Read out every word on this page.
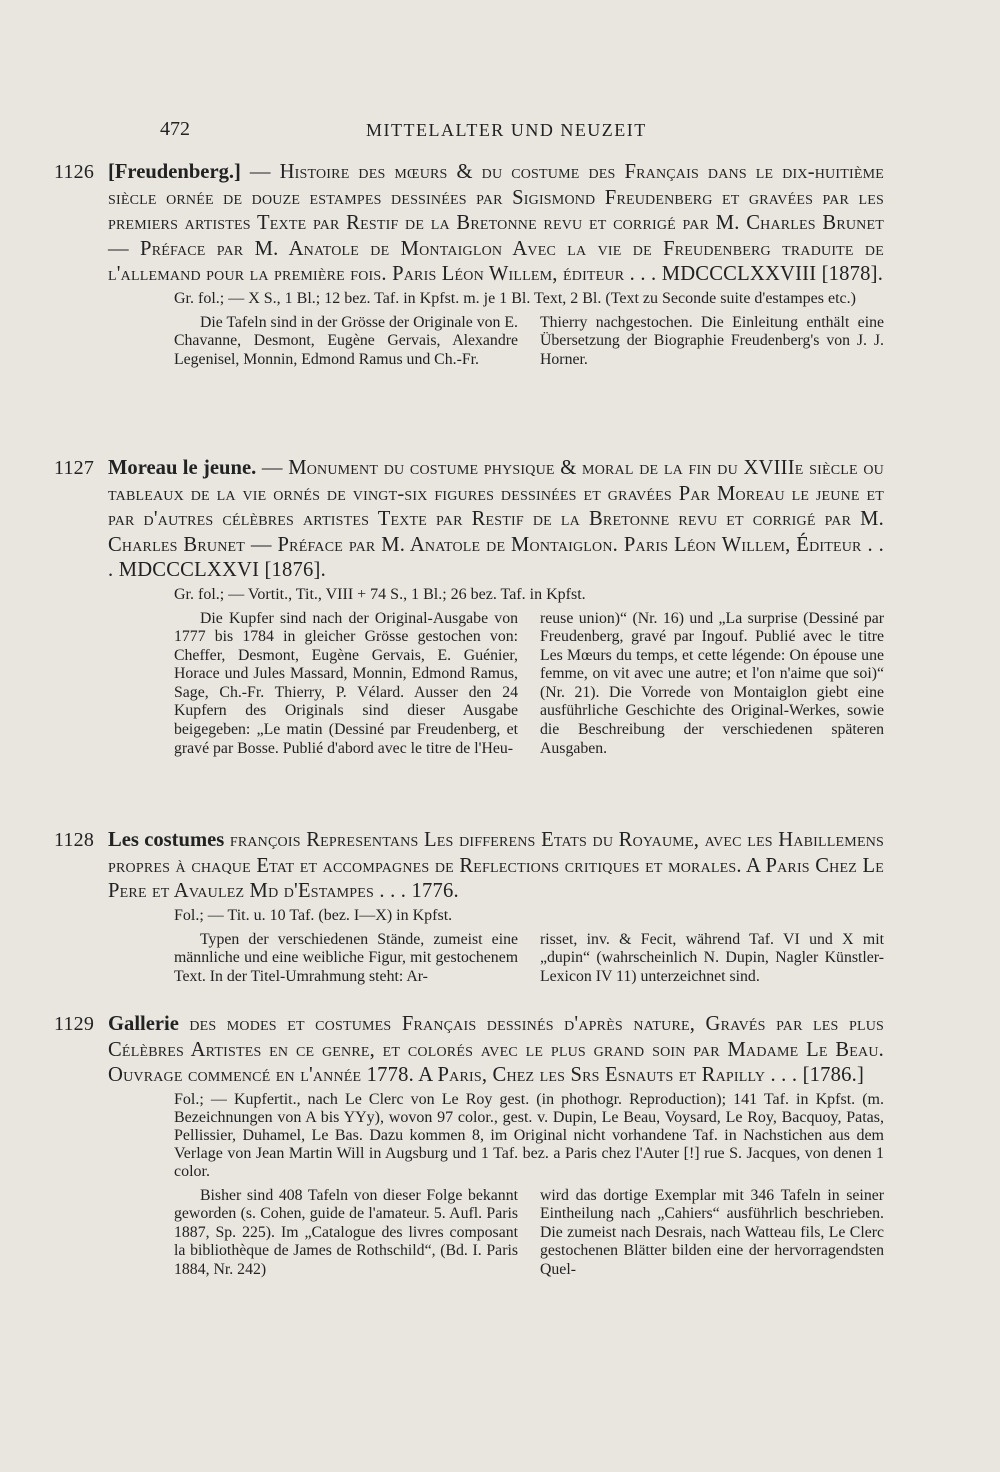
472	MITTELALTER UND NEUZEIT

1126 [Freudenberg.] — Histoire des mœurs & du costume des Français dans le dix-huitième siècle ornée de douze estampes dessinées par Sigismond Freudenberg et gravées par les premiers artistes Texte par Restif de la Bretonne revu et corrigé par M. Charles Brunet — Préface par M. Anatole de Montaiglon Avec la vie de Freudenberg traduite de l'allemand pour la première fois. Paris Léon Willem, éditeur . . . MDCCCLXXVIII [1878].

Gr. fol.; — X S., 1 Bl.; 12 bez. Taf. in Kpfst. m. je 1 Bl. Text, 2 Bl. (Text zu Seconde suite d'estampes etc.)

Die Tafeln sind in der Grösse der Originale von E. Chavanne, Desmont, Eugène Gervais, Alexandre Legenisel, Monnin, Edmond Ramus und Ch.-Fr.

Thierry nachgestochen. Die Einleitung enthält eine Übersetzung der Biographie Freudenberg's von J. J. Horner.

1127 Moreau le jeune. — Monument du costume physique & moral de la fin du XVIIIe siècle ou tableaux de la vie ornés de vingt-six figures dessinées et gravées Par Moreau le jeune et par d'autres célèbres artistes Texte par Restif de la Bretonne revu et corrigé par M. Charles Brunet — Préface par M. Anatole de Montaiglon. Paris Léon Willem, Éditeur . . . MDCCCLXXVI [1876].

Gr. fol.; — Vortit., Tit., VIII + 74 S., 1 Bl.; 26 bez. Taf. in Kpfst.

Die Kupfer sind nach der Original-Ausgabe von 1777 bis 1784 in gleicher Grösse gestochen von: Cheffer, Desmont, Eugène Gervais, E. Guénier, Horace und Jules Massard, Monnin, Edmond Ramus, Sage, Ch.-Fr. Thierry, P. Vélard. Ausser den 24 Kupfern des Originals sind dieser Ausgabe beigegeben: „Le matin (Dessiné par Freudenberg, et gravé par Bosse. Publié d'abord avec le titre de l'Heu-

reuse union)“ (Nr. 16) und „La surprise (Dessiné par Freudenberg, gravé par Ingouf. Publié avec le titre Les Mœurs du temps, et cette légende: On épouse une femme, on vit avec une autre; et l'on n'aime que soi)“ (Nr. 21). Die Vorrede von Montaiglon giebt eine ausführliche Geschichte des Original-Werkes, sowie die Beschreibung der verschiedenen späteren Ausgaben.

1128 Les costumes françois Representans Les differens Etats du Royaume, avec les Habillemens propres à chaque Etat et accompagnes de Reflections critiques et morales. A Paris Chez Le Pere et Avaulez Md d'Estampes . . . 1776.

Fol.; — Tit. u. 10 Taf. (bez. I—X) in Kpfst.

Typen der verschiedenen Stände, zumeist eine männliche und eine weibliche Figur, mit gestochenem Text. In der Titel-Umrahmung steht: Ar-

risset, inv. & Fecit, während Taf. VI und X mit „dupin“ (wahrscheinlich N. Dupin, Nagler Künstler-Lexicon IV 11) unterzeichnet sind.

1129 Gallerie des modes et costumes Français dessinés d'après nature, Gravés par les plus Célèbres Artiſtes en ce genre, et colorés avec le plus grand soin par Madame Le Beau. Ouvrage commencé en l'année 1778. A Paris, Chez les Srs Esnauts et Rapilly . . . [1786.]

Fol.; — Kupfertit., nach Le Clerc von Le Roy gest. (in phothogr. Reproduction); 141 Taf. in Kpfst. (m. Bezeichnungen von A bis YYy), wovon 97 color., gest. v. Dupin, Le Beau, Voysard, Le Roy, Bacquoy, Patas, Pellissier, Duhamel, Le Bas. Dazu kommen 8, im Original nicht vorhandene Taf. in Nachstichen aus dem Verlage von Jean Martin Will in Augsburg und 1 Taf. bez. a Paris chez l'Auter [!] rue S. Jacques, von denen 1 color.

Bisher sind 408 Tafeln von dieser Folge bekannt geworden (s. Cohen, guide de l'amateur. 5. Aufl. Paris 1887, Sp. 225). Im „Catalogue des livres composant la bibliothèque de James de Rothschild“, (Bd. I. Paris 1884, Nr. 242)

wird das dortige Exemplar mit 346 Tafeln in seiner Eintheilung nach „Cahiers“ ausführlich beschrieben. Die zumeist nach Desrais, nach Watteau fils, Le Clerc gestochenen Blätter bilden eine der hervorragendsten Quel-
